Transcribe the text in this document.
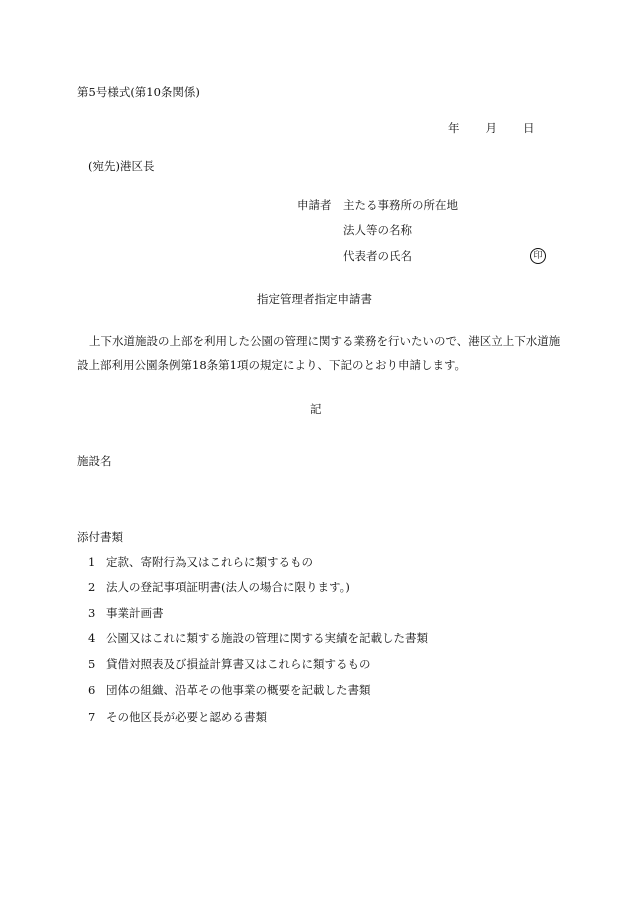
第5号様式(第10条関係)
年 月 日
(宛先)港区長
申請者 主たる事務所の所在地
法人等の名称
代表者の氏名	印
指定管理者指定申請書
上下水道施設の上部を利用した公園の管理に関する業務を行いたいので、港区立上下水道施設上部利用公園条例第18条第1項の規定により、下記のとおり申請します。
記
施設名
添付書類
1 定款、寄附行為又はこれらに類するもの
2 法人の登記事項証明書(法人の場合に限ります。)
3 事業計画書
4 公園又はこれに類する施設の管理に関する実績を記載した書類
5 貸借対照表及び損益計算書又はこれらに類するもの
6 団体の組織、沿革その他事業の概要を記載した書類
7 その他区長が必要と認める書類
